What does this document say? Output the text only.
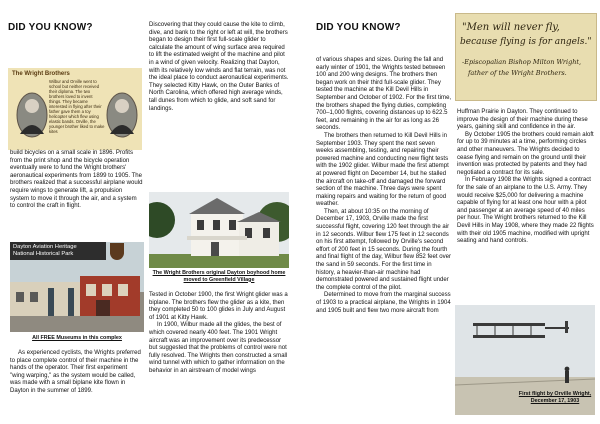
DID YOU KNOW?
The Wright Brothers
Wilbur and Orville went to school but neither received their diploma. The two brothers loved to invent things. They became interested in flying after their father gave them a toy helicopter which flew using elastic bands. Orville, the younger brother liked to make kites
build bicycles on a small scale in 1896. Profits from the print shop and the bicycle operation eventually were to fund the Wright brothers' aeronautical experiments from 1899 to 1905. The brothers realized that a successful airplane would require wings to generate lift, a propulsion system to move it through the air, and a system to control the craft in flight.
Dayton Aviation Heritage
National Historical Park
All FREE Museums in this complex
As experienced cyclists, the Wrights preferred to place complete control of their machine in the hands of the operator. Their first experiment "wing warping," as the system would be called, was made with a small biplane kite flown in Dayton in the summer of 1899.
Discovering that they could cause the kite to climb, dive, and bank to the right or left at will, the brothers began to design their first full-scale glider to calculate the amount of wing surface area required to lift the estimated weight of the machine and pilot in a wind of given velocity. Realizing that Dayton, with its relatively low winds and flat terrain, was not the ideal place to conduct aeronautical experiments. They selected Kitty Hawk, on the Outer Banks of North Carolina, which offered high average winds, tall dunes from which to glide, and soft sand for landings.
The Wright Brothers original Dayton boyhood home moved to Greenfield Village

Tested in October 1900, the first Wright glider was a biplane. The brothers flew the glider as a kite, then they completed 50 to 100 glides in July and August of 1901 at Kitty Hawk.

In 1900, Wilbur made all the glides, the best of which covered nearly 400 feet. The 1901 Wright aircraft was an improvement over its predecessor but suggested that the problems of control were not fully resolved. The Wrights then constructed a small wind tunnel with which to gather information on the behavior in an airstream of model wings

DID YOU KNOW?

of various shapes and sizes. During the fall and early winter of 1901, the Wrights tested between 100 and 200 wing designs. The brothers then began work on their third full-scale glider. They tested the machine at the Kill Devil Hills in September and October of 1902. For the first time, the brothers shaped the flying duties, completing 700–1,000 flights, covering distances up to 622.5 feet, and remaining in the air for as long as 26 seconds.

The brothers then returned to Kill Devil Hills in September 1903. They spent the next seven weeks assembling, testing, and repairing their powered machine and conducting new flight tests with the 1902 glider. Wilbur made the first attempt at powered flight on December 14, but he stalled the aircraft on take-off and damaged the forward section of the machine. Three days were spent making repairs and waiting for the return of good weather.

Then, at about 10:35 on the morning of December 17, 1903, Orville made the first successful flight, covering 120 feet through the air in 12 seconds. Wilbur flew 175 feet in 12 seconds on his first attempt, followed by Orville's second effort of 200 feet in 15 seconds. During the fourth and final flight of the day, Wilbur flew 852 feet over the sand in 59 seconds. For the first time in history, a heavier-than-air machine had demonstrated powered and sustained flight under the complete control of the pilot.

Determined to move from the marginal success of 1903 to a practical airplane, the Wrights in 1904 and 1905 built and flew two more aircraft from

"Men will never fly,
because flying is for angels."
-Episcopalian Bishop Milton Wright,
father of the Wright Brothers.

Huffman Prairie in Dayton. They continued to improve the design of their machine during these years, gaining skill and confidence in the air.

By October 1905 the brothers could remain aloft for up to 39 minutes at a time, performing circles and other maneuvers. The Wrights decided to cease flying and remain on the ground until their invention was protected by patents and they had negotiated a contract for its sale.

In February 1908 the Wrights signed a contract for the sale of an airplane to the U.S. Army. They would receive $25,000 for delivering a machine capable of flying for at least one hour with a pilot and passenger at an average speed of 40 miles per hour. The Wright brothers returned to the Kill Devil Hills in May 1908, where they made 22 flights with their old 1905 machine, modified with upright seating and hand controls.

First flight by Orville Wright,
December 17, 1903
